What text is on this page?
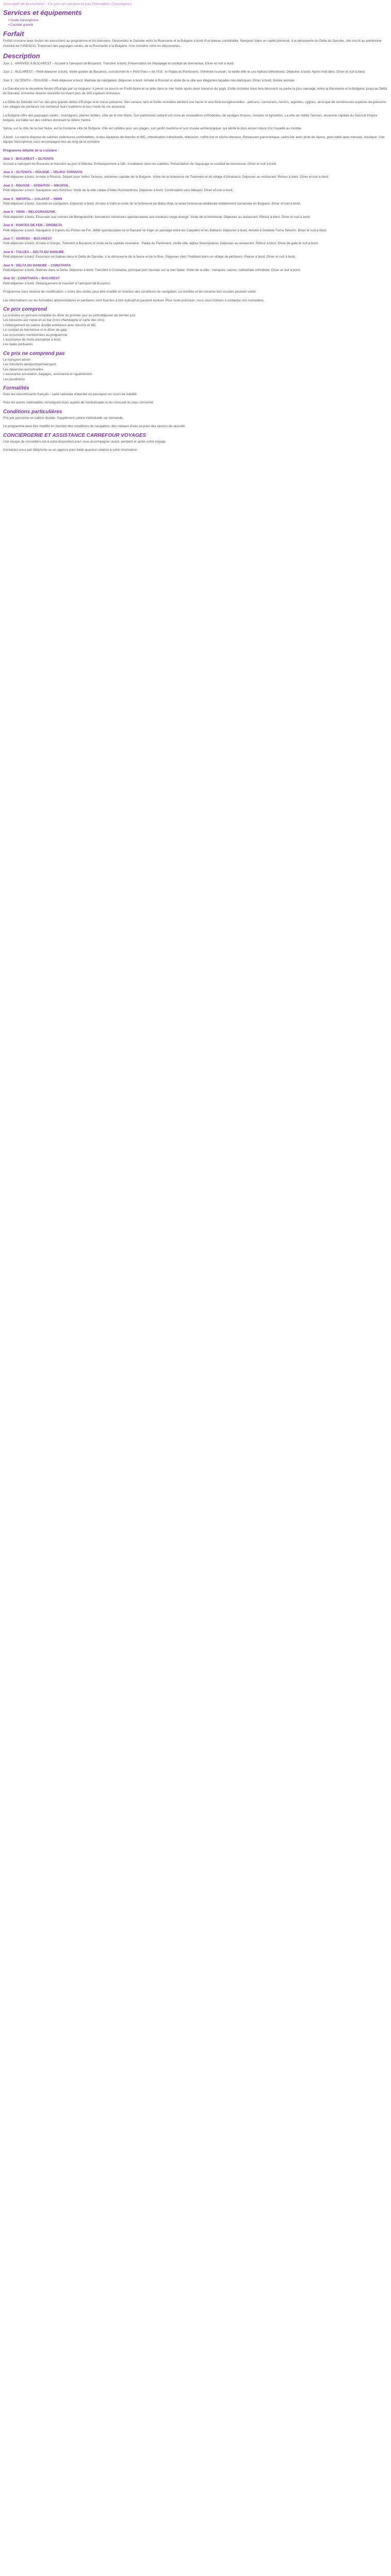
Descriptif de la croisière - Ce prix ne comprend pas Formalités Conseignes
Services et équipements
• Guide francophone
• Cocktail grande
Forfait

Forfait croisière avec toutes les excursions au programme et les boissons. Descendez le Danube entre la Roumanie et la Bulgarie à bord d'un bateau confortable. Naviguez dans un cadre préservé, à la découverte du Delta du Danube, site inscrit au patrimoine mondial de l'UNESCO. Traversez des paysages variés, de la Roumanie à la Bulgarie. Une croisière riche en découvertes...

Description

Jour 1 : ARRIVÉE À BUCAREST – Accueil à l'aéroport de Bucarest. Transfert à bord. Présentation de l'équipage et cocktail de bienvenue. Dîner et nuit à bord.

Jour 2 : BUCAREST – Petit-déjeuner à bord. Visite guidée de Bucarest, surnommée le « Petit Paris » de l'Est : le Palais du Parlement, l'Athénée roumain, la vieille ville et ses églises orthodoxes. Déjeuner à bord. Après-midi libre. Dîner et nuit à bord.

Jour 3 : OLTENITA – ROUSSE – Petit-déjeuner à bord. Matinée de navigation. Déjeuner à bord. Arrivée à Roussé et visite de la ville aux élégantes façades néo-baroques. Dîner à bord. Soirée animée.

Le Danube est le deuxième fleuve d'Europe par sa longueur. Il prend sa source en Forêt-Noire et se jette dans la mer Noire après avoir traversé dix pays. Cette croisière vous fera découvrir sa partie la plus sauvage, entre la Roumanie et la Bulgarie, jusqu'au Delta du Danube, immense réserve naturelle où vivent plus de 300 espèces d'oiseaux.

Le Delta du Danube est l'un des plus grands deltas d'Europe et le mieux préservé. Ses canaux, lacs et forêts inondées abritent une faune et une flore exceptionnelles : pélicans, cormorans, hérons, aigrettes, cygnes, ainsi que de nombreuses espèces de poissons. Les villages de pêcheurs ont conservé leurs traditions et leur mode de vie ancestral.

La Bulgarie offre des paysages variés : montagnes, plaines fertiles, côte de la mer Noire. Son patrimoine culturel est riche de monastères orthodoxes, de vestiges thraces, romains et byzantins. La ville de Veliko Tarnovo, ancienne capitale du Second Empire bulgare, est bâtie sur des collines dominant la rivière Yantra.

Varna, sur la côte de la mer Noire, est la troisième ville de Bulgarie. Elle est célèbre pour ses plages, son jardin maritime et son musée archéologique, qui abrite le plus ancien trésor d'or travaillé au monde.

A bord : Le navire dispose de cabines extérieures confortables, toutes équipées de douche et WC, climatisation individuelle, télévision, coffre-fort et sèche-cheveux. Restaurant panoramique, salon-bar avec piste de danse, pont-soleil avec transats, boutique. Une équipe francophone vous accompagne tout au long de la croisière.

Programme détaillé de la croisière :

Jour 1 : BUCAREST – OLTENITA

Accueil à l'aéroport de Bucarest et transfert au port d'Oltenita. Embarquement à 18h. Installation dans les cabines. Présentation de l'équipage et cocktail de bienvenue. Dîner et nuit à bord.

Jour 2 : OLTENITA – ROUSSE – VELIKO TARNOVO

Petit-déjeuner à bord. Arrivée à Roussé. Départ pour Veliko Tarnovo, ancienne capitale de la Bulgarie. Visite de la forteresse de Tsarevets et du village d'Arbanassi. Déjeuner au restaurant. Retour à bord. Dîner et nuit à bord.

Jour 3 : ROUSSE – SVISHTOV – NIKOPOL

Petit-déjeuner à bord. Navigation vers Svishtov. Visite de la ville natale d'Aleko Konstantinov. Déjeuner à bord. Continuation vers Nikopol. Dîner et nuit à bord.

Jour 4 : NIKOPOL – CALAFAT – VIDIN

Petit-déjeuner à bord. Journée en navigation. Déjeuner à bord. Arrivée à Vidin et visite de la forteresse de Baba Vida, la seule forteresse médiévale entièrement conservée en Bulgarie. Dîner et nuit à bord.

Jour 5 : VIDIN – BELOGRADCHIK

Petit-déjeuner à bord. Excursion aux rochers de Belogradchik, formations rocheuses spectaculaires aux couleurs rouge-orangé. Visite de la forteresse. Déjeuner au restaurant. Retour à bord. Dîner et nuit à bord.

Jour 6 : PORTES DE FER – DROBETA

Petit-déjeuner à bord. Navigation à travers les Portes de Fer, défilé spectaculaire où le Danube se fraye un passage entre les Carpates et les Balkans. Déjeuner à bord. Arrivée à Drobeta-Turnu Severin. Dîner et nuit à bord.

Jour 7 : GIURGIU – BUCAREST

Petit-déjeuner à bord. Arrivée à Giurgiu. Transfert à Bucarest et visite de la capitale roumaine : Palais du Parlement, vieille ville, église Stavropoleos. Déjeuner au restaurant. Retour à bord. Dîner de gala et nuit à bord.

Jour 8 : TULCEA – DELTA DU DANUBE

Petit-déjeuner à bord. Excursion en bateau dans le Delta du Danube, à la découverte de la faune et de la flore. Déjeuner chez l'habitant dans un village de pêcheurs. Retour à bord. Dîner et nuit à bord.

Jour 9 : DELTA DU DANUBE – CONSTANTA

Petit-déjeuner à bord. Matinée dans le Delta. Déjeuner à bord. Transfert à Constanta, principal port roumain sur la mer Noire. Visite de la ville : mosquée, casino, cathédrale orthodoxe. Dîner et nuit à bord.

Jour 10 : CONSTANTA – BUCAREST

Petit-déjeuner à bord. Débarquement et transfert à l'aéroport de Bucarest.

Programme sous réserve de modification. L'ordre des visites peut être modifié en fonction des conditions de navigation. Le nombre et les horaires des escales peuvent varier.

Les informations sur les formalités administratives et sanitaires sont fournies à titre indicatif et peuvent évoluer. Pour toute précision, nous vous invitons à contacter nos conseillers.

Ce prix comprend

La croisière en pension complète du dîner du premier jour au petit-déjeuner du dernier jour
Les boissons aux repas et au bar (hors champagne et carte des vins)
L'hébergement en cabine double extérieure avec douche et WC
Le cocktail de bienvenue et le dîner de gala
Les excursions mentionnées au programme
L'assistance de notre animatrice à bord
Les taxes portuaires

Ce prix ne comprend pas

Le transport aérien
Les transferts aéroport/port/aéroport
Les dépenses personnelles
L'assurance annulation, bagages, assistance et rapatriement
Les pourboires

Formalités

Pour les ressortissants français : carte nationale d'identité ou passeport en cours de validité.

Pour les autres nationalités, renseignez-vous auprès de l'ambassade ou du consulat du pays concerné.

Conditions particulières

Prix par personne en cabine double. Supplément cabine individuelle sur demande.

Le programme peut être modifié en fonction des conditions de navigation, des niveaux d'eau ou pour des raisons de sécurité.

CONCIERGERIE ET ASSISTANCE CARREFOUR VOYAGES

Une équipe de conseillers est à votre disposition pour vous accompagner avant, pendant et après votre voyage.

Contactez-nous par téléphone ou en agence pour toute question relative à votre réservation.
